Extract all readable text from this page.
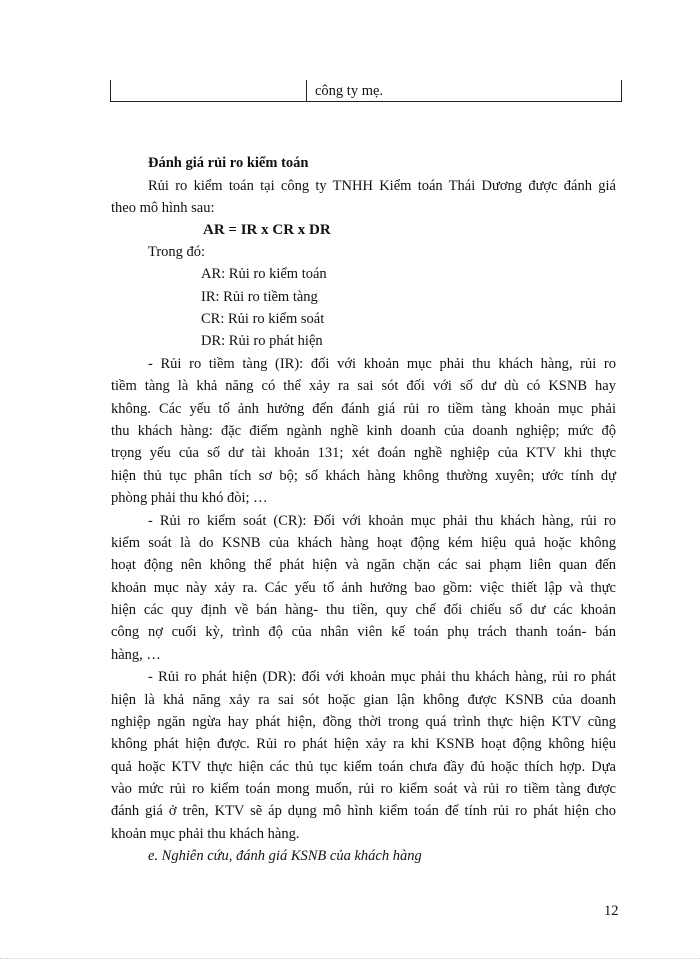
công ty mẹ.
Đánh giá rủi ro kiểm toán
Rủi ro kiểm toán tại công ty TNHH Kiểm toán Thái Dương được đánh giá
theo mô hình sau:
AR = IR x CR x DR
Trong đó:
AR: Rủi ro kiểm toán
IR: Rủi ro tiềm tàng
CR: Rủi ro kiểm soát
DR: Rủi ro phát hiện
- Rủi ro tiềm tàng (IR): đối với khoản mục phải thu khách hàng, rủi ro
tiềm tàng là khả năng có thể xảy ra sai sót đối với số dư dù có KSNB hay
không. Các yếu tố ảnh hưởng đến đánh giá rủi ro tiềm tàng khoản mục phải
thu khách hàng: đặc điểm ngành nghề kinh doanh của doanh nghiệp; mức độ
trọng yếu của số dư tài khoản 131; xét đoán nghề nghiệp của KTV khi thực
hiện thủ tục phân tích sơ bộ; số khách hàng không thường xuyên; ước tính dự
phòng phải thu khó đòi; …
- Rủi ro kiểm soát (CR): Đối với khoản mục phải thu khách hàng, rủi ro
kiểm soát là do KSNB của khách hàng hoạt động kém hiệu quả hoặc không
hoạt động nên không thể phát hiện và ngăn chặn các sai phạm liên quan đến
khoản mục này xảy ra. Các yếu tố ảnh hưởng bao gồm: việc thiết lập và thực
hiện các quy định về bán hàng- thu tiền, quy chế đối chiếu số dư các khoản
công nợ cuối kỳ, trình độ của nhân viên kế toán phụ trách thanh toán- bán
hàng, …
- Rủi ro phát hiện (DR): đối với khoản mục phải thu khách hàng, rủi ro phát
hiện là khả năng xảy ra sai sót hoặc gian lận không được KSNB của doanh
nghiệp ngăn ngừa hay phát hiện, đồng thời trong quá trình thực hiện KTV cũng
không phát hiện được. Rủi ro phát hiện xảy ra khi KSNB hoạt động không hiệu
quả hoặc KTV thực hiện các thủ tục kiểm toán chưa đầy đủ hoặc thích hợp. Dựa
vào mức rủi ro kiểm toán mong muốn, rủi ro kiểm soát và rủi ro tiềm tàng được
đánh giá ở trên, KTV sẽ áp dụng mô hình kiểm toán để tính rủi ro phát hiện cho
khoản mục phải thu khách hàng.
e. Nghiên cứu, đánh giá KSNB của khách hàng
12
